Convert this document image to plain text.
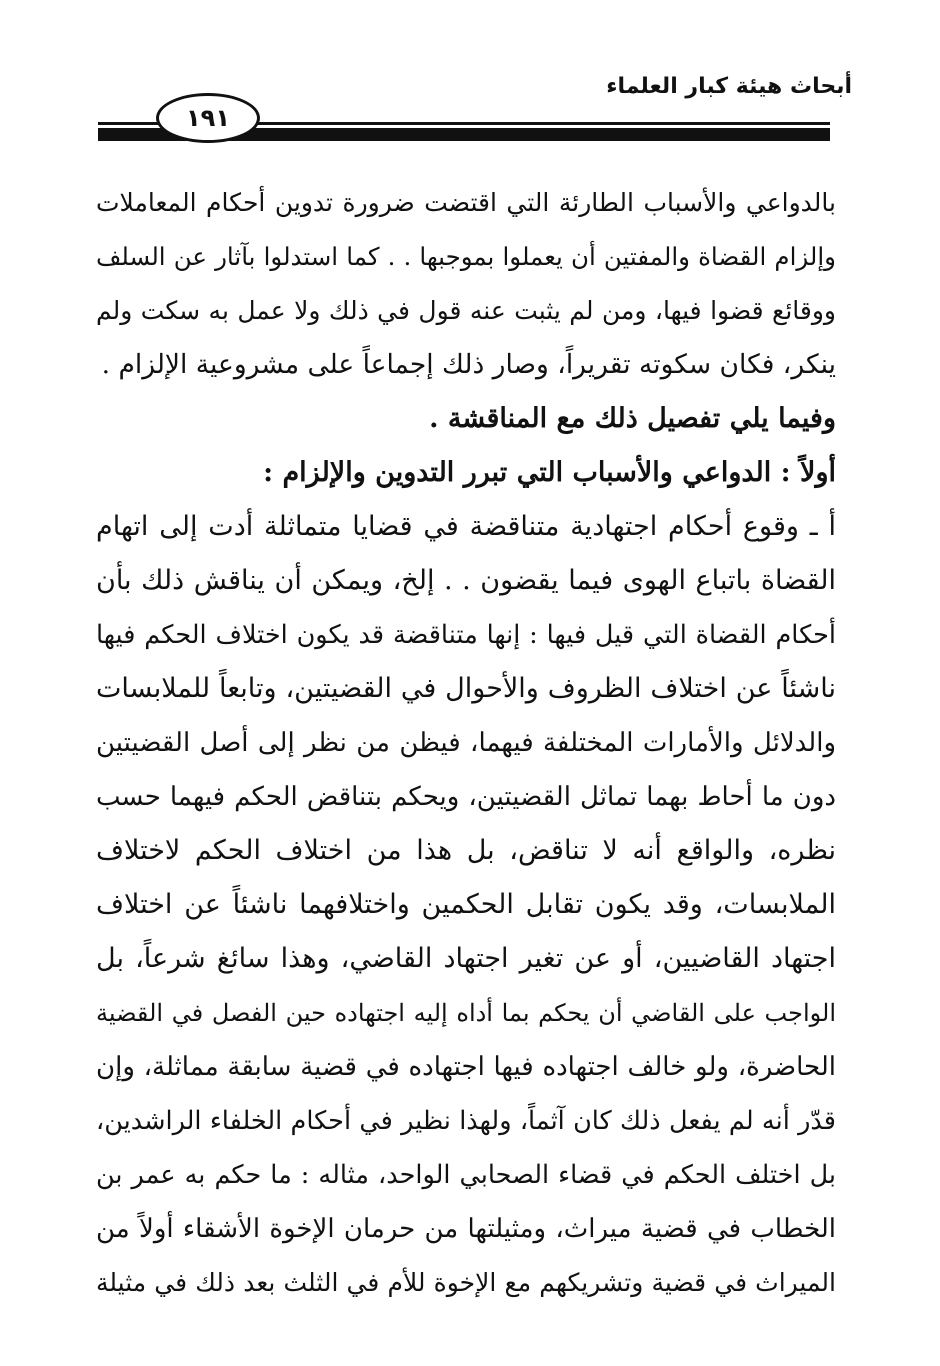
أبحاث هيئة كبار العلماء
١٩١
بالدواعي والأسباب الطارئة التي اقتضت ضرورة تدوين أحكام المعاملات
وإلزام القضاة والمفتين أن يعملوا بموجبها . . كما استدلوا بآثار عن السلف
ووقائع قضوا فيها، ومن لم يثبت عنه قول في ذلك ولا عمل به سكت ولم
ينكر، فكان سكوته تقريراً، وصار ذلك إجماعاً على مشروعية الإلزام .
وفيما يلي تفصيل ذلك مع المناقشة .
أولاً : الدواعي والأسباب التي تبرر التدوين والإلزام :
أ ـ وقوع أحكام اجتهادية متناقضة في قضايا متماثلة أدت إلى اتهام
القضاة باتباع الهوى فيما يقضون . . إلخ، ويمكن أن يناقش ذلك بأن
أحكام القضاة التي قيل فيها : إنها متناقضة قد يكون اختلاف الحكم فيها
ناشئاً عن اختلاف الظروف والأحوال في القضيتين، وتابعاً للملابسات
والدلائل والأمارات المختلفة فيهما، فيظن من نظر إلى أصل القضيتين
دون ما أحاط بهما تماثل القضيتين، ويحكم بتناقض الحكم فيهما حسب
نظره، والواقع أنه لا تناقض، بل هذا من اختلاف الحكم لاختلاف
الملابسات، وقد يكون تقابل الحكمين واختلافهما ناشئاً عن اختلاف
اجتهاد القاضيين، أو عن تغير اجتهاد القاضي، وهذا سائغ شرعاً، بل
الواجب على القاضي أن يحكم بما أداه إليه اجتهاده حين الفصل في القضية
الحاضرة، ولو خالف اجتهاده فيها اجتهاده في قضية سابقة مماثلة، وإن
قدّر أنه لم يفعل ذلك كان آثماً، ولهذا نظير في أحكام الخلفاء الراشدين،
بل اختلف الحكم في قضاء الصحابي الواحد، مثاله : ما حكم به عمر بن
الخطاب في قضية ميراث، ومثيلتها من حرمان الإخوة الأشقاء أولاً من
الميراث في قضية وتشريكهم مع الإخوة للأم في الثلث بعد ذلك في مثيلة
